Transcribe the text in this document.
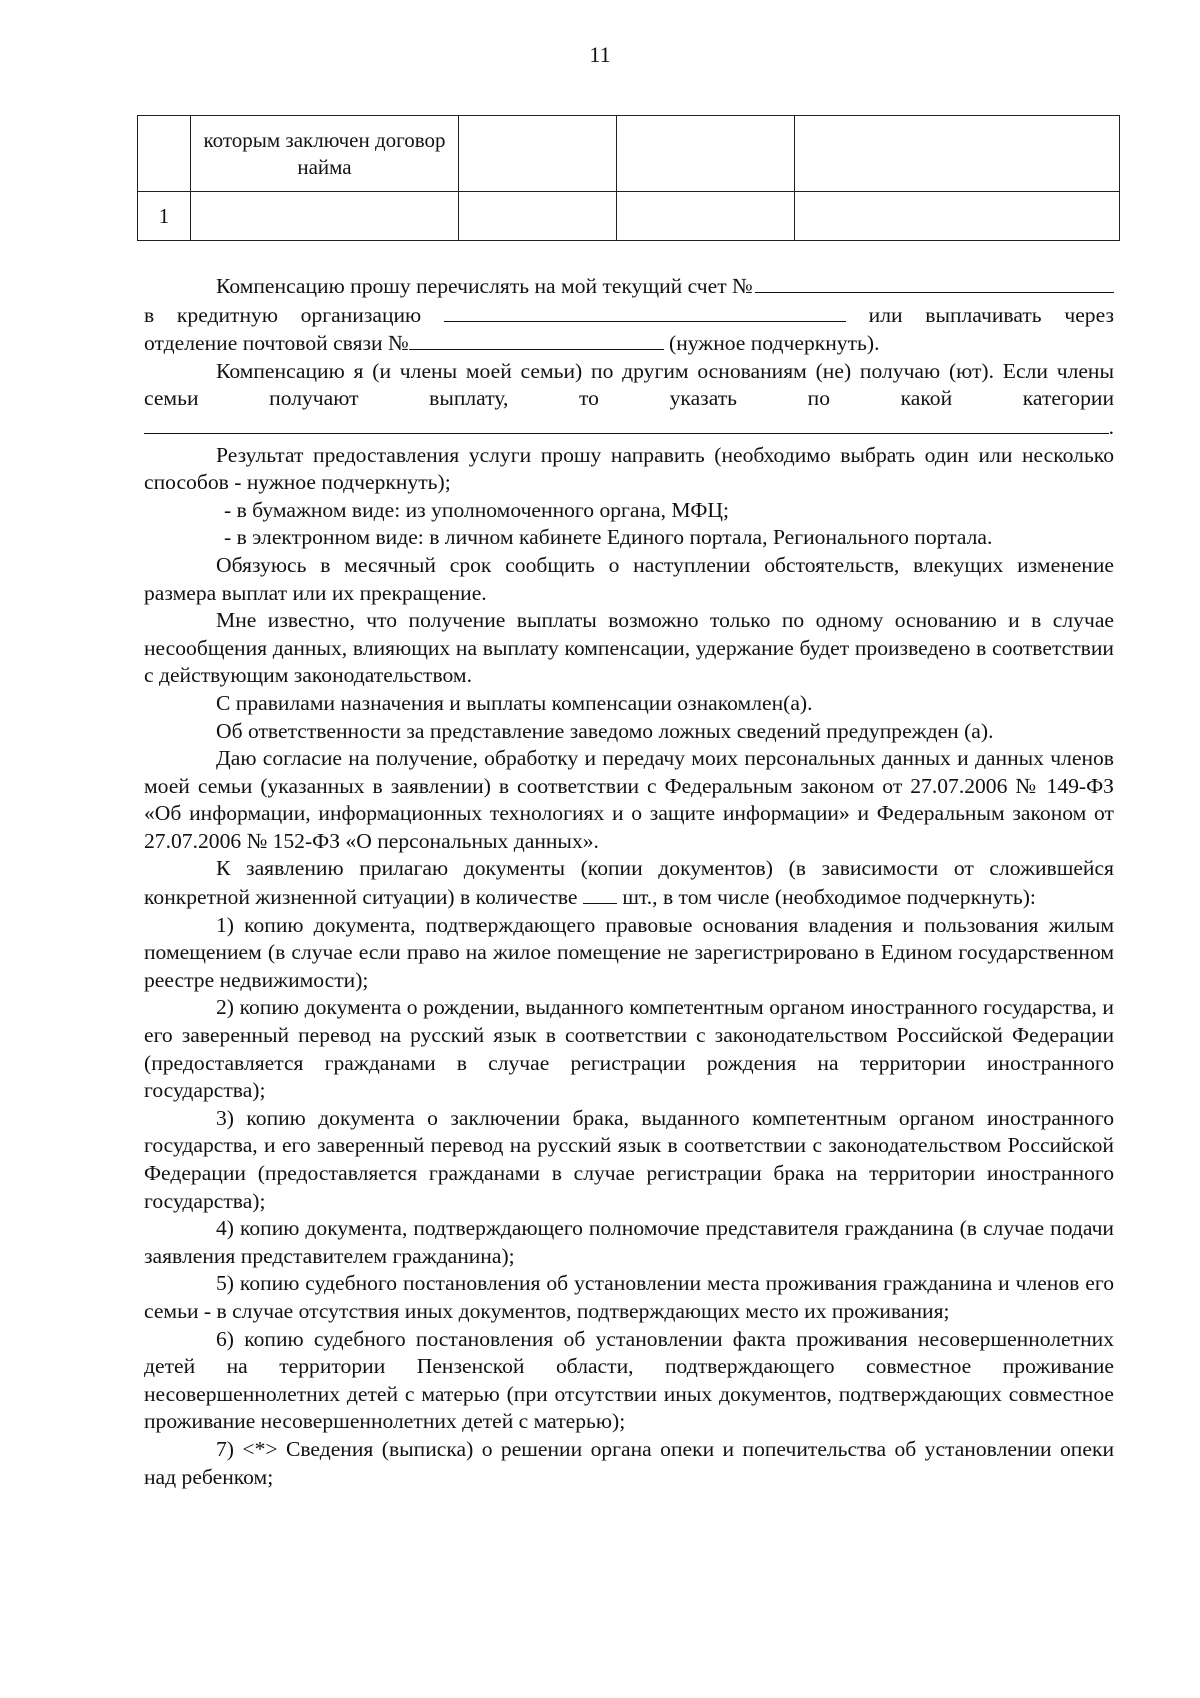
11
	которым заключен договор найма			
1				

Компенсацию прошу перечислять на мой текущий счет №

в кредитную организацию	или выплачивать через

отделение почтовой связи №	(нужное подчеркнуть).

Компенсацию я (и члены моей семьи) по другим основаниям (не) получаю (ют). Если члены семьи получают выплату, то указать по какой категории

.

Результат предоставления услуги прошу направить (необходимо выбрать один или несколько способов - нужное подчеркнуть);

- в бумажном виде: из уполномоченного органа, МФЦ;

- в электронном виде: в личном кабинете Единого портала, Регионального портала.

Обязуюсь в месячный срок сообщить о наступлении обстоятельств, влекущих изменение размера выплат или их прекращение.

Мне известно, что получение выплаты возможно только по одному основанию и в случае несообщения данных, влияющих на выплату компенсации, удержание будет произведено в соответствии с действующим законодательством.

С правилами назначения и выплаты компенсации ознакомлен(а).

Об ответственности за представление заведомо ложных сведений предупрежден (а).

Даю согласие на получение, обработку и передачу моих персональных данных и данных членов моей семьи (указанных в заявлении) в соответствии с Федеральным законом от 27.07.2006 № 149-ФЗ «Об информации, информационных технологиях и о защите информации» и Федеральным законом от 27.07.2006 № 152-ФЗ «О персональных данных».

К заявлению прилагаю документы (копии документов) (в зависимости от сложившейся конкретной жизненной ситуации) в количестве шт., в том числе (необходимое подчеркнуть):

1) копию документа, подтверждающего правовые основания владения и пользования жилым помещением (в случае если право на жилое помещение не зарегистрировано в Едином государственном реестре недвижимости);

2) копию документа о рождении, выданного компетентным органом иностранного государства, и его заверенный перевод на русский язык в соответствии с законодательством Российской Федерации (предоставляется гражданами в случае регистрации рождения на территории иностранного государства);

3) копию документа о заключении брака, выданного компетентным органом иностранного государства, и его заверенный перевод на русский язык в соответствии с законодательством Российской Федерации (предоставляется гражданами в случае регистрации брака на территории иностранного государства);

4) копию документа, подтверждающего полномочие представителя гражданина (в случае подачи заявления представителем гражданина);

5) копию судебного постановления об установлении места проживания гражданина и членов его семьи - в случае отсутствия иных документов, подтверждающих место их проживания;

6) копию судебного постановления об установлении факта проживания несовершеннолетних детей на территории Пензенской области, подтверждающего совместное проживание несовершеннолетних детей с матерью (при отсутствии иных документов, подтверждающих совместное проживание несовершеннолетних детей с матерью);

7) <*> Сведения (выписка) о решении органа опеки и попечительства об установлении опеки над ребенком;
